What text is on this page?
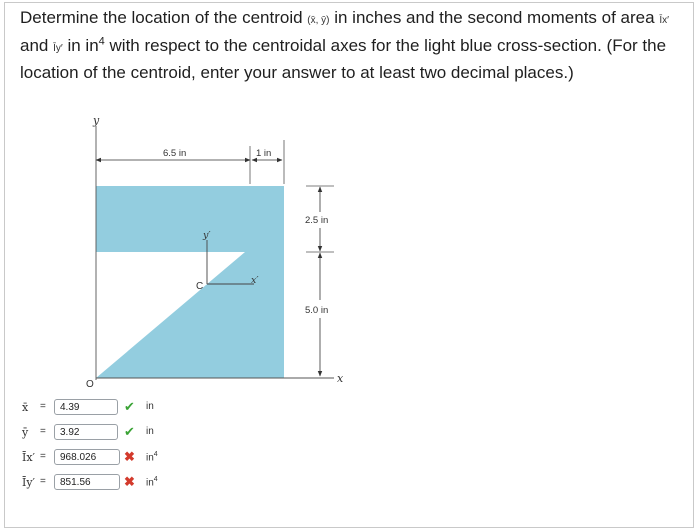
Determine the location of the centroid (x̄, ȳ) in inches and the second moments of area Īx′ and Īy′ in $in^4$ with respect to the centroidal axes for the light blue cross-section. (For the location of the centroid, enter your answer to at least two decimal places.)
y
x
O
6.5 in	1 in
2.5 in
5.0 in
x′
y′
C
x̄	=	4.39	✔ in
ȳ	=	3.92	✔ in
Īx′ =	968.026	✖ $in^4$
Īy′ =	851.56	✖ $in^4$
